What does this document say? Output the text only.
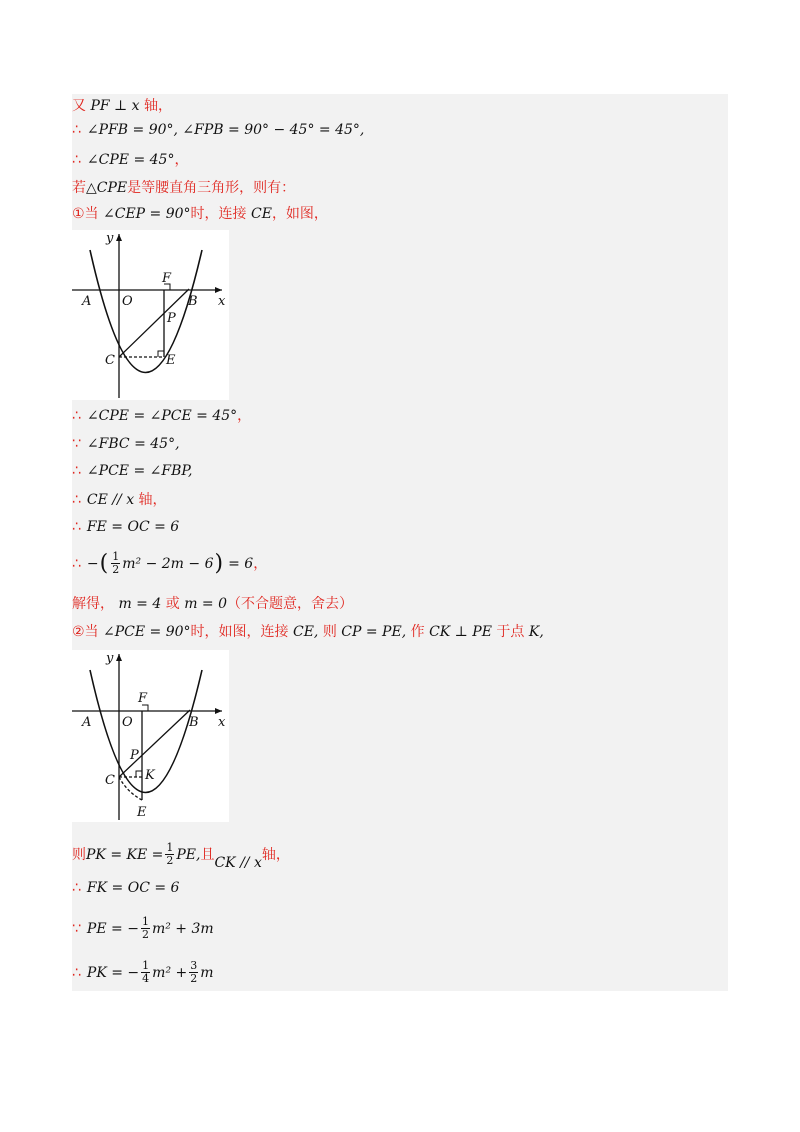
又 PF ⊥ x 轴，
∴ ∠PFB = 90°, ∠FPB = 90° − 45° = 45°,
∴ ∠CPE = 45° ，
若 △CPE 是等腰直角三角形，则有：
①当 ∠CEP = 90° 时，连接 CE ，如图，
∴ ∠CPE = ∠PCE = 45° ，
∵ ∠FBC = 45°,
∴ ∠PCE = ∠FBP,
∴ CE // x 轴，
∴ FE = OC = 6
解得， m = 4 或 m = 0 （不合题意，舍去）
②当 ∠PCE = 90° 时，如图，连接 CE, 则 CP = PE, 作 CK ⊥ PE 于点 K,
∴ FK = OC = 6
∴ − ( $\frac{1}{2} m^2 - 2m - 6$ ) = 6 ，
则 PK = KE = $\frac{1}{2}$ PE, 且 CK // x 轴，
∵ PE = − $\frac{1}{2} m^2 + 3m$
∴ PK = − $\frac{1}{4} m^2 + \frac{3}{2}$ m
y
x
A O
F
B
P
C	E
y
x
A O
F
B
P
C K
E
